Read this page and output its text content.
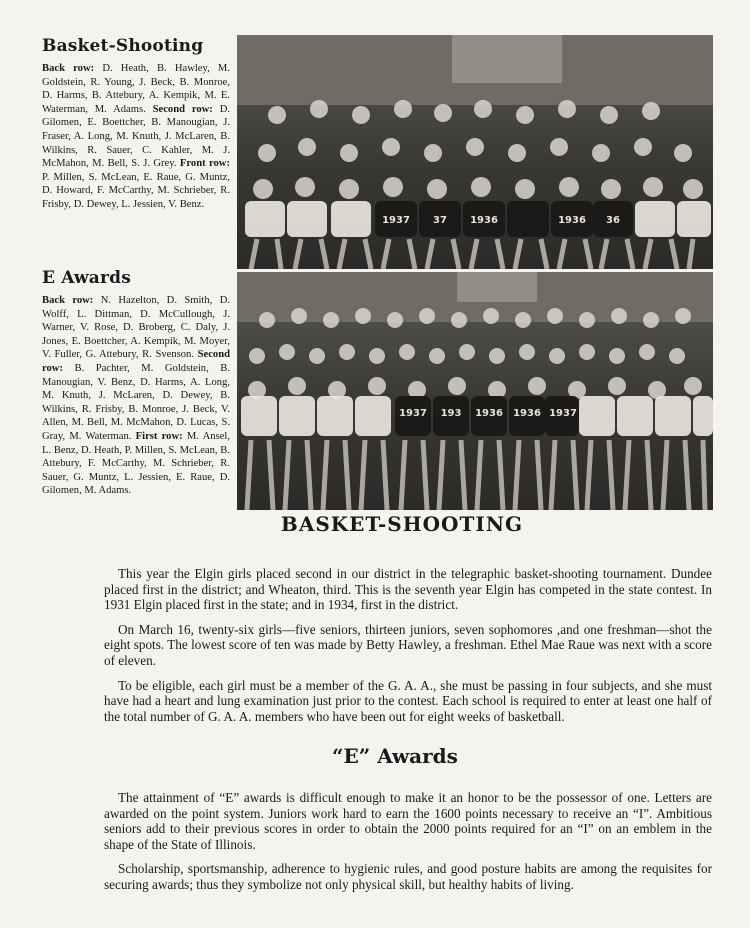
Basket-Shooting

Back row: D. Heath, B. Hawley, M. Goldstein, R. Young, J. Beck, B. Monroe, D. Harms, B. Attebury, A. Kempik, M. E. Waterman, M. Adams. Second row: D. Gilomen, E. Boettcher, B. Manougian, J. Fraser, A. Long, M. Knuth, J. McLaren, B. Wilkins, R. Sauer, C. Kahler, M. J. McMahon, M. Bell, S. J. Grey. Front row: P. Millen, S. McLean, E. Raue, G. Muntz, D. Howard, F. McCarthy, M. Schrieber, R. Frisby, D. Dewey, L. Jessien, V. Benz.

E Awards

Back row: N. Hazelton, D. Smith, D. Wolff, L. Dittman, D. McCullough, J. Warner, V. Rose, D. Broberg, C. Daly, J. Jones, E. Boettcher, A. Kempik, M. Moyer, V. Fuller, G. Attebury, R. Svenson. Second row: B. Pachter, M. Goldstein, B. Manougian, V. Benz, D. Harms, A. Long, M. Knuth, J. McLaren, D. Dewey, B. Wilkins, R. Frisby, B. Monroe, J. Beck, V. Allen, M. Bell, M. McMahon, D. Lucas, S. Gray, M. Waterman. First row: M. Ansel, L. Benz, D. Heath, P. Millen, S. McLean, B. Attebury, F. McCarthy, M. Schrieber, R. Sauer, G. Muntz, L. Jessien, E. Raue, D. Gilomen, M. Adams.

1937 37 1936	1936 36
1937 193 1936 1936 1937
BASKET-SHOOTING

This year the Elgin girls placed second in our district in the telegraphic basket-shooting tournament. Dundee placed first in the district; and Wheaton, third. This is the seventh year Elgin has competed in the state contest. In 1931 Elgin placed first in the state; and in 1934, first in the district.

On March 16, twenty-six girls—five seniors, thirteen juniors, seven sophomores ,and one freshman—shot the eight spots. The lowest score of ten was made by Betty Hawley, a freshman. Ethel Mae Raue was next with a score of eleven.

To be eligible, each girl must be a member of the G. A. A., she must be passing in four subjects, and she must have had a heart and lung examination just prior to the contest. Each school is required to enter at least one half of the total number of G. A. A. members who have been out for eight weeks of basketball.

“E” Awards

The attainment of “E” awards is difficult enough to make it an honor to be the possessor of one. Letters are awarded on the point system. Juniors work hard to earn the 1600 points necessary to receive an “I”. Ambitious seniors add to their previous scores in order to obtain the 2000 points required for an “I” on an emblem in the shape of the State of Illinois.

Scholarship, sportsmanship, adherence to hygienic rules, and good posture habits are among the requisites for securing awards; thus they symbolize not only physical skill, but healthy habits of living.
